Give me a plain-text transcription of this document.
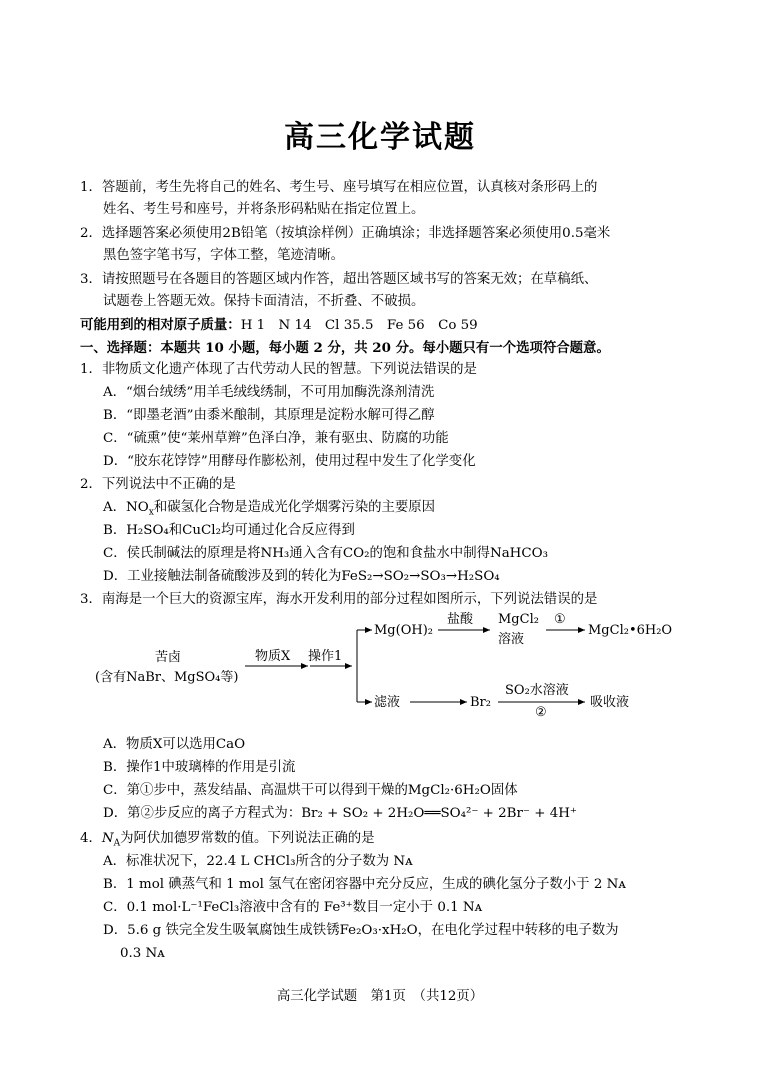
高三化学试题
1．答题前，考生先将自己的姓名、考生号、座号填写在相应位置，认真核对条形码上的
姓名、考生号和座号，并将条形码粘贴在指定位置上。
2．选择题答案必须使用2B铅笔（按填涂样例）正确填涂；非选择题答案必须使用0.5毫米
黑色签字笔书写，字体工整，笔迹清晰。
3．请按照题号在各题目的答题区域内作答，超出答题区域书写的答案无效；在草稿纸、
试题卷上答题无效。保持卡面清洁，不折叠、不破损。
可能用到的相对原子质量：H 1　N 14　Cl 35.5　Fe 56　Co 59
一、选择题：本题共 10 小题，每小题 2 分，共 20 分。每小题只有一个选项符合题意。
1．非物质文化遗产体现了古代劳动人民的智慧。下列说法错误的是
A．“烟台绒绣”用羊毛绒线绣制，不可用加酶洗涤剂清洗
B．“即墨老酒”由黍米酿制，其原理是淀粉水解可得乙醇
C．“硫熏”使“莱州草辫”色泽白净，兼有驱虫、防腐的功能
D．“胶东花饽饽”用酵母作膨松剂，使用过程中发生了化学变化
2．下列说法中不正确的是
A．$NO_x$和碳氢化合物是造成光化学烟雾污染的主要原因
B．H₂SO₄和CuCl₂均可通过化合反应得到
C．侯氏制碱法的原理是将NH₃通入含有CO₂的饱和食盐水中制得NaHCO₃
D．工业接触法制备硫酸涉及到的转化为FeS₂→SO₂→SO₃→H₂SO₄
3．南海是一个巨大的资源宝库，海水开发利用的部分过程如图所示，下列说法错误的是
苦卤
(含有NaBr、MgSO₄等)
物质X 操作1
Mg(OH)₂
盐酸 MgCl₂
溶液
①
MgCl₂•6H₂O
滤液	Br₂
SO₂水溶液
②
吸收液
A．物质X可以选用CaO
B．操作1中玻璃棒的作用是引流
C．第①步中，蒸发结晶、高温烘干可以得到干燥的MgCl₂·6H₂O固体
D．第②步反应的离子方程式为：Br₂ + SO₂ + 2H₂O══SO₄²⁻ + 2Br⁻ + 4H⁺
4．$N_A$为阿伏加德罗常数的值。下列说法正确的是
A．标准状况下，22.4 L CHCl₃所含的分子数为 Nᴀ
B．1 mol 碘蒸气和 1 mol 氢气在密闭容器中充分反应，生成的碘化氢分子数小于 2 Nᴀ
C．0.1 mol·L⁻¹FeCl₃溶液中含有的 Fe³⁺数目一定小于 0.1 Nᴀ
D．5.6 g 铁完全发生吸氧腐蚀生成铁锈Fe₂O₃·xH₂O，在电化学过程中转移的电子数为
0.3 Nᴀ
高三化学试题　第1页　（共12页）
